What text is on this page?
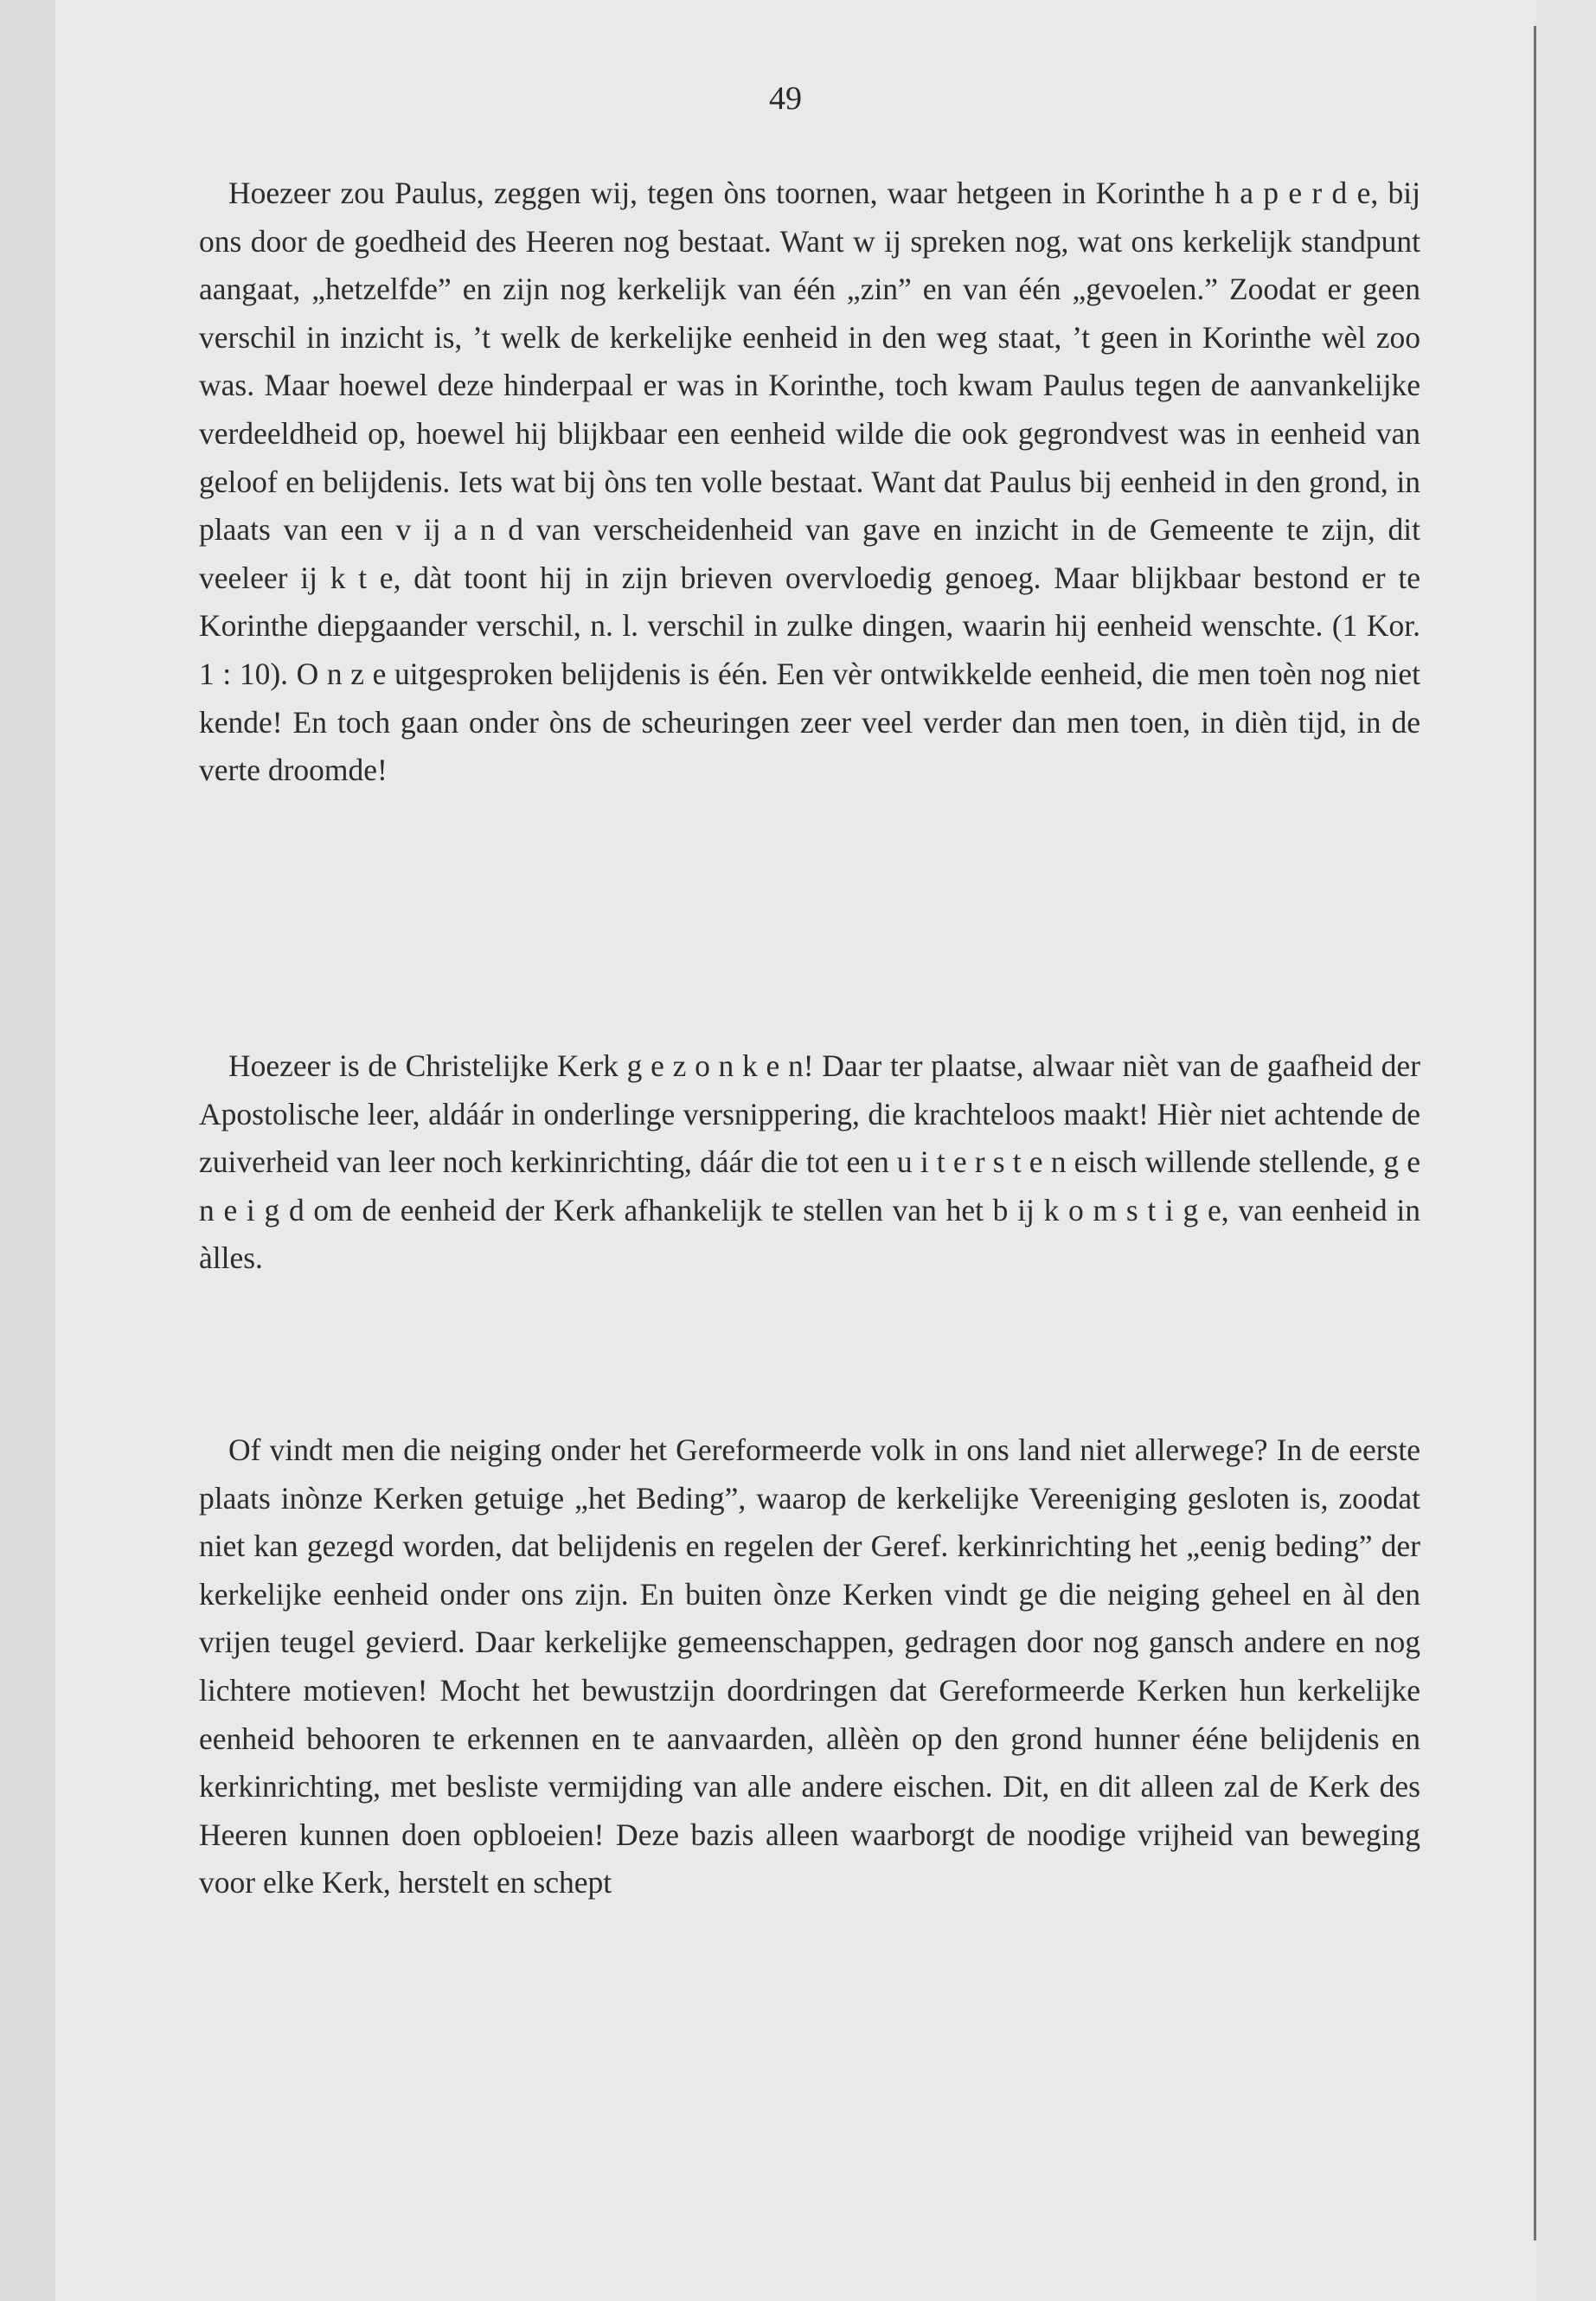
49

Hoezeer zou Paulus, zeggen wij, tegen òns toornen, waar hetgeen in Korinthe h a p e r d e, bij ons door de goedheid des Heeren nog bestaat. Want w ij spreken nog, wat ons kerkelijk standpunt aangaat, „hetzelfde” en zijn nog kerkelijk van één „zin” en van één „gevoelen.” Zoodat er geen verschil in inzicht is, ’t welk de kerkelijke eenheid in den weg staat, ’t geen in Korinthe wèl zoo was. Maar hoewel deze hinderpaal er was in Korinthe, toch kwam Paulus tegen de aanvankelijke verdeeldheid op, hoewel hij blijkbaar een eenheid wilde die ook gegrondvest was in eenheid van geloof en belijdenis. Iets wat bij òns ten volle bestaat. Want dat Paulus bij eenheid in den grond, in plaats van een v ij a n d van verscheidenheid van gave en inzicht in de Gemeente te zijn, dit veeleer ij k t e, dàt toont hij in zijn brieven overvloedig genoeg. Maar blijkbaar bestond er te Korinthe diepgaander verschil, n. l. verschil in zulke dingen, waarin hij eenheid wenschte. (1 Kor. 1 : 10). O n z e uitgesproken belijdenis is één. Een vèr ontwikkelde eenheid, die men toèn nog niet kende! En toch gaan onder òns de scheuringen zeer veel verder dan men toen, in dièn tijd, in de verte droomde!

Hoezeer is de Christelijke Kerk g e z o n k e n! Daar ter plaatse, alwaar nièt van de gaafheid der Apostolische leer, aldáár in onderlinge versnippering, die krachteloos maakt! Hièr niet achtende de zuiverheid van leer noch kerkinrichting, dáár die tot een u i t e r s t e n eisch willende stellende, g e n e i g d om de eenheid der Kerk afhankelijk te stellen van het b ij k o m s t i g e, van eenheid in àlles.

Of vindt men die neiging onder het Gereformeerde volk in ons land niet allerwege? In de eerste plaats inònze Kerken getuige „het Beding”, waarop de kerkelijke Vereeniging gesloten is, zoodat niet kan gezegd worden, dat belijdenis en regelen der Geref. kerkinrichting het „eenig beding” der kerkelijke eenheid onder ons zijn. En buiten ònze Kerken vindt ge die neiging geheel en àl den vrijen teugel gevierd. Daar kerkelijke gemeenschappen, gedragen door nog gansch andere en nog lichtere motieven! Mocht het bewustzijn doordringen dat Gereformeerde Kerken hun kerkelijke eenheid behooren te erkennen en te aanvaarden, allèèn op den grond hunner ééne belijdenis en kerkinrichting, met besliste vermijding van alle andere eischen. Dit, en dit alleen zal de Kerk des Heeren kunnen doen opbloeien! Deze bazis alleen waarborgt de noodige vrijheid van beweging voor elke Kerk, herstelt en schept
